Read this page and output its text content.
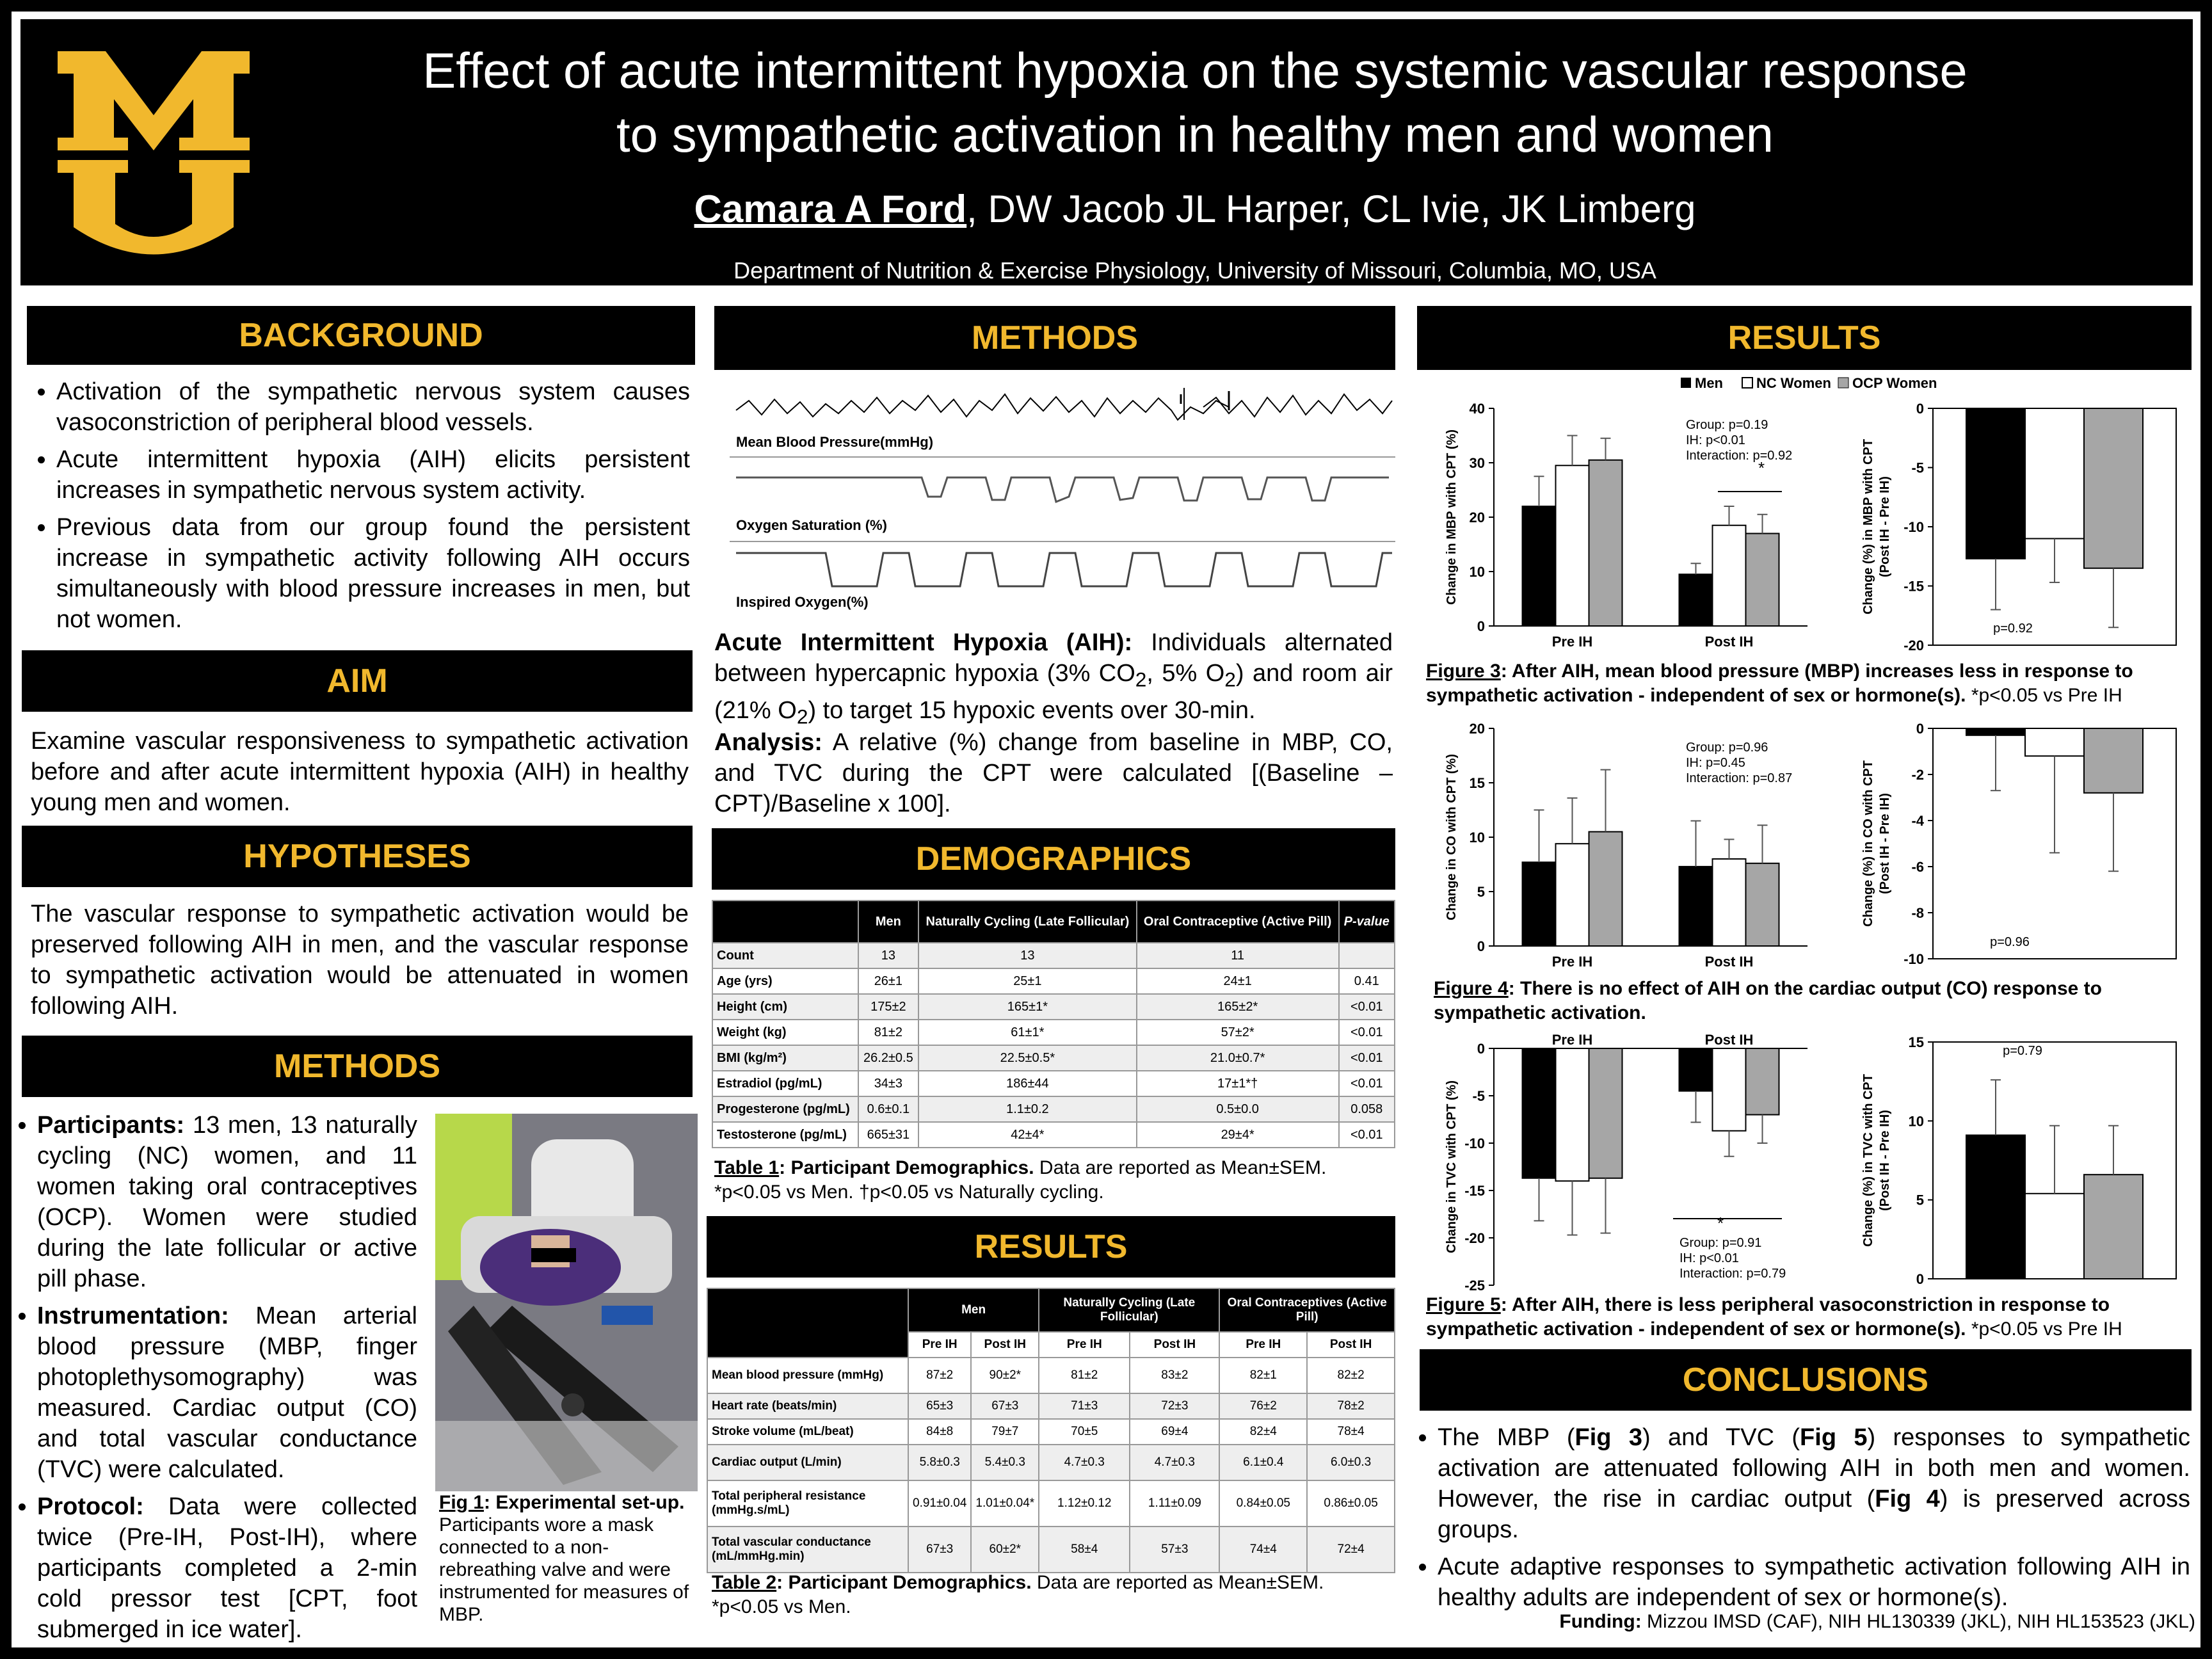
Effect of acute intermittent hypoxia on the systemic vascular response
to sympathetic activation in healthy men and women
Camara A Ford, DW Jacob JL Harper, CL Ivie, JK Limberg
Department of Nutrition & Exercise Physiology, University of Missouri, Columbia, MO, USA
BACKGROUND
• Activation of the sympathetic nervous system causes vasoconstriction of peripheral blood vessels.
• Acute intermittent hypoxia (AIH) elicits persistent increases in sympathetic nervous system activity.
• Previous data from our group found the persistent increase in sympathetic activity following AIH occurs simultaneously with blood pressure increases in men, but not women.
AIM
Examine vascular responsiveness to sympathetic activation before and after acute intermittent hypoxia (AIH) in healthy young men and women.
HYPOTHESES
The vascular response to sympathetic activation would be preserved following AIH in men, and the vascular response to sympathetic activation would be attenuated in women following AIH.
METHODS
• Participants: 13 men, 13 naturally cycling (NC) women, and 11 women taking oral contraceptives (OCP). Women were studied during the late follicular or active pill phase.
• Instrumentation: Mean arterial blood pressure (MBP, finger photoplethysomography) was measured. Cardiac output (CO) and total vascular conductance (TVC) were calculated.
• Protocol: Data were collected twice (Pre-IH, Post-IH), where participants completed a 2-min cold pressor test [CPT, foot submerged in ice water].
Fig 1: Experimental set-up. Participants wore a mask connected to a non-rebreathing valve and were instrumented for measures of MBP.
METHODS
Mean Blood Pressure(mmHg)
Oxygen Saturation (%)
Inspired Oxygen(%)
Acute Intermittent Hypoxia (AIH): Individuals alternated between hypercapnic hypoxia (3% $CO_2$, 5% $O_2$) and room air (21% $O_2$) to target 15 hypoxic events over 30-min.
Analysis: A relative (%) change from baseline in MBP, CO, and TVC during the CPT were calculated [(Baseline – CPT)/Baseline x 100].
DEMOGRAPHICS
	Men	Naturally Cycling (Late Follicular)	Oral Contraceptive (Active Pill)	P-value
Count	13	13	11	
Age (yrs)	26±1	25±1	24±1	0.41
Height (cm)	175±2	165±1*	165±2*	<0.01
Weight (kg)	81±2	61±1*	57±2*	<0.01
BMI (kg/m²)	26.2±0.5	22.5±0.5*	21.0±0.7*	<0.01
Estradiol (pg/mL)	34±3	186±44	17±1*†	<0.01
Progesterone (pg/mL)	0.6±0.1	1.1±0.2	0.5±0.0	0.058
Testosterone (pg/mL)	665±31	42±4*	29±4*	<0.01
Table 1: Participant Demographics. Data are reported as Mean±SEM. *p<0.05 vs Men. †p<0.05 vs Naturally cycling.
RESULTS
	Men		Naturally Cycling (Late Follicular)		Oral Contraceptives (Active Pill)	
	Pre IH	Post IH	Pre IH	Post IH	Pre IH	Post IH
Mean blood pressure (mmHg)	87±2	90±2*	81±2	83±2	82±1	82±2
Heart rate (beats/min)	65±3	67±3	71±3	72±3	76±2	78±2
Stroke volume (mL/beat)	84±8	79±7	70±5	69±4	82±4	78±4
Cardiac output (L/min)	5.8±0.3	5.4±0.3	4.7±0.3	4.7±0.3	6.1±0.4	6.0±0.3
Total peripheral resistance (mmHg.s/mL)	0.91±0.04	1.01±0.04*	1.12±0.12	1.11±0.09	0.84±0.05	0.86±0.05
Total vascular conductance (mL/mmHg.min)	67±3	60±2*	58±4	57±3	74±4	72±4
Table 2: Participant Demographics. Data are reported as Mean±SEM. *p<0.05 vs Men.
RESULTS
Men NC Women OCP Women
0
10
20
30
40
Change in MBP with CPT (%)
Pre IH	Post IH
Group: p=0.19
IH: p<0.01
Interaction: p=0.92
*
0
-5
-10
-15
-20
Change (%) in MBP with CPT (Post IH - Pre IH)
p=0.92
Figure 3: After AIH, mean blood pressure (MBP) increases less in response to sympathetic activation - independent of sex or hormone(s). *p<0.05 vs Pre IH
0
5
10
15
20
Change in CO with CPT (%)
Pre IH	Post IH
Group: p=0.96
IH: p=0.45
Interaction: p=0.87
0
-2
-4
-6
-8
-10
Change (%) in CO with CPT (Post IH - Pre IH)
p=0.96
Figure 4: There is no effect of AIH on the cardiac output (CO) response to sympathetic activation.
0
-5
-10
-15
-20
-25
Change in TVC with CPT (%)
Pre IH	Post IH
Group: p=0.91
IH: p<0.01
Interaction: p=0.79
*
0
5
10
15
Change (%) in TVC with CPT (Post IH - Pre IH)
p=0.79
Figure 5: After AIH, there is less peripheral vasoconstriction in response to sympathetic activation - independent of sex or hormone(s). *p<0.05 vs Pre IH
CONCLUSIONS
• The MBP (Fig 3) and TVC (Fig 5) responses to sympathetic activation are attenuated following AIH in both men and women. However, the rise in cardiac output (Fig 4) is preserved across groups.
• Acute adaptive responses to sympathetic activation following AIH in healthy adults are independent of sex or hormone(s).
Funding: Mizzou IMSD (CAF), NIH HL130339 (JKL), NIH HL153523 (JKL)
